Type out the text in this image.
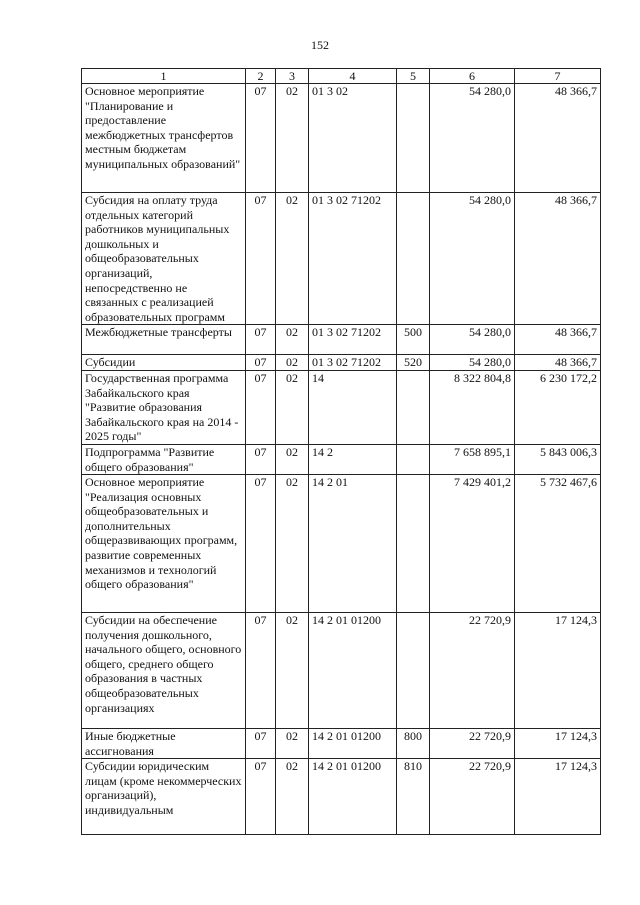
152
1	2	3	4	5	6	7
Основное мероприятие "Планирование и предоставление межбюджетных трансфертов местным бюджетам муниципальных образований"	07	02	01 3 02		54 280,0	48 366,7
Субсидия на оплату труда отдельных категорий работников муниципальных дошкольных и общеобразовательных организаций, непосредственно не связанных с реализацией образовательных программ	07	02	01 3 02 71202		54 280,0	48 366,7
Межбюджетные трансферты	07	02	01 3 02 71202	500	54 280,0	48 366,7
Субсидии	07	02	01 3 02 71202	520	54 280,0	48 366,7
Государственная программа Забайкальского края "Развитие образования Забайкальского края на 2014 - 2025 годы"	07	02	14		8 322 804,8	6 230 172,2
Подпрограмма "Развитие общего образования"	07	02	14 2		7 658 895,1	5 843 006,3
Основное мероприятие "Реализация основных общеобразовательных и дополнительных общеразвивающих программ, развитие современных механизмов и технологий общего образования"	07	02	14 2 01		7 429 401,2	5 732 467,6
Субсидии на обеспечение получения дошкольного, начального общего, основного общего, среднего общего образования в частных общеобразовательных организациях	07	02	14 2 01 01200		22 720,9	17 124,3
Иные бюджетные ассигнования	07	02	14 2 01 01200	800	22 720,9	17 124,3
Субсидии юридическим лицам (кроме некоммерческих организаций), индивидуальным	07	02	14 2 01 01200	810	22 720,9	17 124,3
